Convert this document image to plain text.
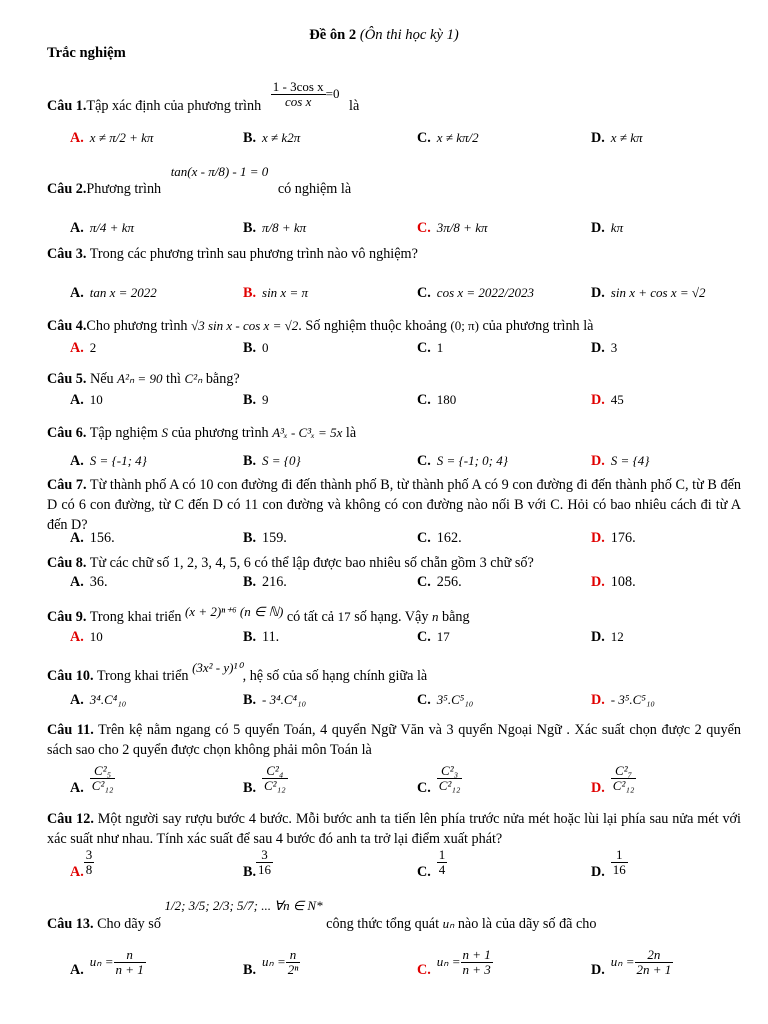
Đề ôn 2 (Ôn thi học kỳ 1)
Trắc nghiệm
Câu 1.Tập xác định của phương trình $\frac{\text{1 - 3cos x}}{\text{cos x}} =0$ là
A. x ≠ π/2 + kπ	B. x ≠ k2π	C. x ≠ kπ/2	D. x ≠ kπ
Câu 2.Phương trình tan(x - π/8) - 1 = 0 có nghiệm là
A. π/4 + kπ	B. π/8 + kπ	C. 3π/8 + kπ	D. kπ
Câu 3. Trong các phương trình sau phương trình nào vô nghiệm?
A. tan x = 2022	B. sin x = π	C. cos x = 2022/2023	D. sin x + cos x = √2
Câu 4.Cho phương trình √3 sin x - cos x = √2. Số nghiệm thuộc khoảng (0; π) của phương trình là
A. 2	B. 0	C. 1	D. 3
Câu 5. Nếu A²ₙ = 90 thì C²ₙ bằng?
A. 10	B. 9	C. 180	D. 45
Câu 6. Tập nghiệm S của phương trình A³ₓ - C³ₓ = 5x là
A. S = {-1; 4}	B. S = {0}	C. S = {-1; 0; 4}	D. S = {4}
Câu 7. Từ thành phố A có 10 con đường đi đến thành phố B, từ thành phố A có 9 con đường đi đến thành phố C, từ B đến D có 6 con đường, từ C đến D có 11 con đường và không có con đường nào nối B với C. Hỏi có bao nhiêu cách đi từ A đến D?
A. 156.	B. 159.	C. 162.	D. 176.
Câu 8. Từ các chữ số 1, 2, 3, 4, 5, 6 có thể lập được bao nhiêu số chẵn gồm 3 chữ số?
A. 36.	B. 216.	C. 256.	D. 108.
Câu 9. Trong khai triển (x + 2)ⁿ⁺⁶ (n ∈ ℕ) có tất cả 17 số hạng. Vậy n bằng
A. 10	B. 11.	C. 17	D. 12
Câu 10. Trong khai triển (3x² - y)¹⁰, hệ số của số hạng chính giữa là
A. 3⁴.C⁴₁₀	B. - 3⁴.C⁴₁₀	C. 3⁵.C⁵₁₀	D. - 3⁵.C⁵₁₀
Câu 11. Trên kệ nằm ngang có 5 quyển Toán, 4 quyển Ngữ Văn và 3 quyển Ngoại Ngữ . Xác suất chọn được 2 quyển sách sao cho 2 quyển được chọn không phải môn Toán là
A. $\frac{\text{C²₅}}{\text{C²₁₂}}$	B. $\frac{\text{C²₄}}{\text{C²₁₂}}$	C. $\frac{\text{C²₃}}{\text{C²₁₂}}$	D. $\frac{\text{C²₇}}{\text{C²₁₂}}$
Câu 12. Một người say rượu bước 4 bước. Mỗi bước anh ta tiến lên phía trước nửa mét hoặc lùi lại phía sau nửa mét với xác suất như nhau. Tính xác suất để sau 4 bước đó anh ta trở lại điểm xuất phát?
A. $\frac{3}{8}$	B. $\frac{3}{16}$	C. $\frac{1}{4}$	D. $\frac{1}{16}$
Câu 13. Cho dãy số 1/2; 3/5; 2/3; 5/7; ... ∀n ∈ N* công thức tổng quát uₙ nào là của dãy số đã cho
$A.u_n = \frac{n}{n + 1}$	$B.u_n = \frac{n}{\text{2ⁿ}}$	$C.u_n = \frac{n + 1}{n + 3}$	$D.u_n = \frac{2n}{2n + 1}$
